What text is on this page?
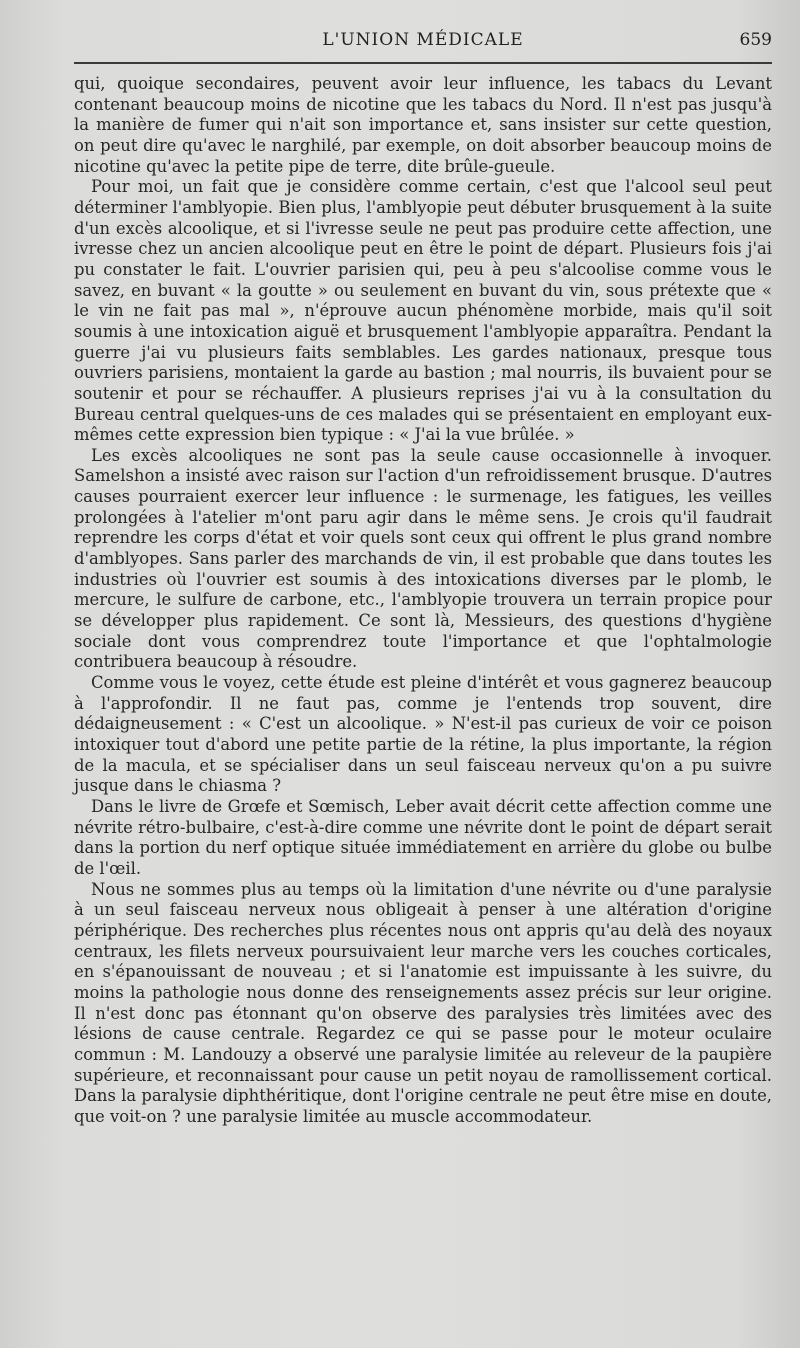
L'UNION MÉDICALE	659

qui, quoique secondaires, peuvent avoir leur influence, les tabacs du Levant contenant beaucoup moins de nicotine que les tabacs du Nord. Il n'est pas jusqu'à la manière de fumer qui n'ait son importance et, sans insister sur cette question, on peut dire qu'avec le narghilé, par exemple, on doit absorber beaucoup moins de nicotine qu'avec la petite pipe de terre, dite brûle-gueule.

Pour moi, un fait que je considère comme certain, c'est que l'alcool seul peut déterminer l'amblyopie. Bien plus, l'amblyopie peut débuter brusquement à la suite d'un excès alcoolique, et si l'ivresse seule ne peut pas produire cette affection, une ivresse chez un ancien alcoolique peut en être le point de départ. Plusieurs fois j'ai pu constater le fait. L'ouvrier parisien qui, peu à peu s'alcoolise comme vous le savez, en buvant « la goutte » ou seulement en buvant du vin, sous prétexte que « le vin ne fait pas mal », n'éprouve aucun phénomène morbide, mais qu'il soit soumis à une intoxication aiguë et brusquement l'amblyopie apparaîtra. Pendant la guerre j'ai vu plusieurs faits semblables. Les gardes nationaux, presque tous ouvriers parisiens, montaient la garde au bastion ; mal nourris, ils buvaient pour se soutenir et pour se réchauffer. A plusieurs reprises j'ai vu à la consultation du Bureau central quelques-uns de ces malades qui se présentaient en employant eux-mêmes cette expression bien typique : « J'ai la vue brûlée. »

Les excès alcooliques ne sont pas la seule cause occasionnelle à invoquer. Samelshon a insisté avec raison sur l'action d'un refroidissement brusque. D'autres causes pourraient exercer leur influence : le surmenage, les fatigues, les veilles prolongées à l'atelier m'ont paru agir dans le même sens. Je crois qu'il faudrait reprendre les corps d'état et voir quels sont ceux qui offrent le plus grand nombre d'amblyopes. Sans parler des marchands de vin, il est probable que dans toutes les industries où l'ouvrier est soumis à des intoxications diverses par le plomb, le mercure, le sulfure de carbone, etc., l'amblyopie trouvera un terrain propice pour se développer plus rapidement. Ce sont là, Messieurs, des questions d'hygiène sociale dont vous comprendrez toute l'importance et que l'ophtalmologie contribuera beaucoup à résoudre.

Comme vous le voyez, cette étude est pleine d'intérêt et vous gagnerez beaucoup à l'approfondir. Il ne faut pas, comme je l'entends trop souvent, dire dédaigneusement : « C'est un alcoolique. » N'est-il pas curieux de voir ce poison intoxiquer tout d'abord une petite partie de la rétine, la plus importante, la région de la macula, et se spécialiser dans un seul faisceau nerveux qu'on a pu suivre jusque dans le chiasma ?

Dans le livre de Grœfe et Sœmisch, Leber avait décrit cette affection comme une névrite rétro-bulbaire, c'est-à-dire comme une névrite dont le point de départ serait dans la portion du nerf optique située immédiatement en arrière du globe ou bulbe de l'œil.

Nous ne sommes plus au temps où la limitation d'une névrite ou d'une paralysie à un seul faisceau nerveux nous obligeait à penser à une altération d'origine périphérique. Des recherches plus récentes nous ont appris qu'au delà des noyaux centraux, les filets nerveux poursuivaient leur marche vers les couches corticales, en s'épanouissant de nouveau ; et si l'anatomie est impuissante à les suivre, du moins la pathologie nous donne des renseignements assez précis sur leur origine. Il n'est donc pas étonnant qu'on observe des paralysies très limitées avec des lésions de cause centrale. Regardez ce qui se passe pour le moteur oculaire commun : M. Landouzy a observé une paralysie limitée au releveur de la paupière supérieure, et reconnaissant pour cause un petit noyau de ramollissement cortical. Dans la paralysie diphthéritique, dont l'origine centrale ne peut être mise en doute, que voit-on ? une paralysie limitée au muscle accommodateur.
